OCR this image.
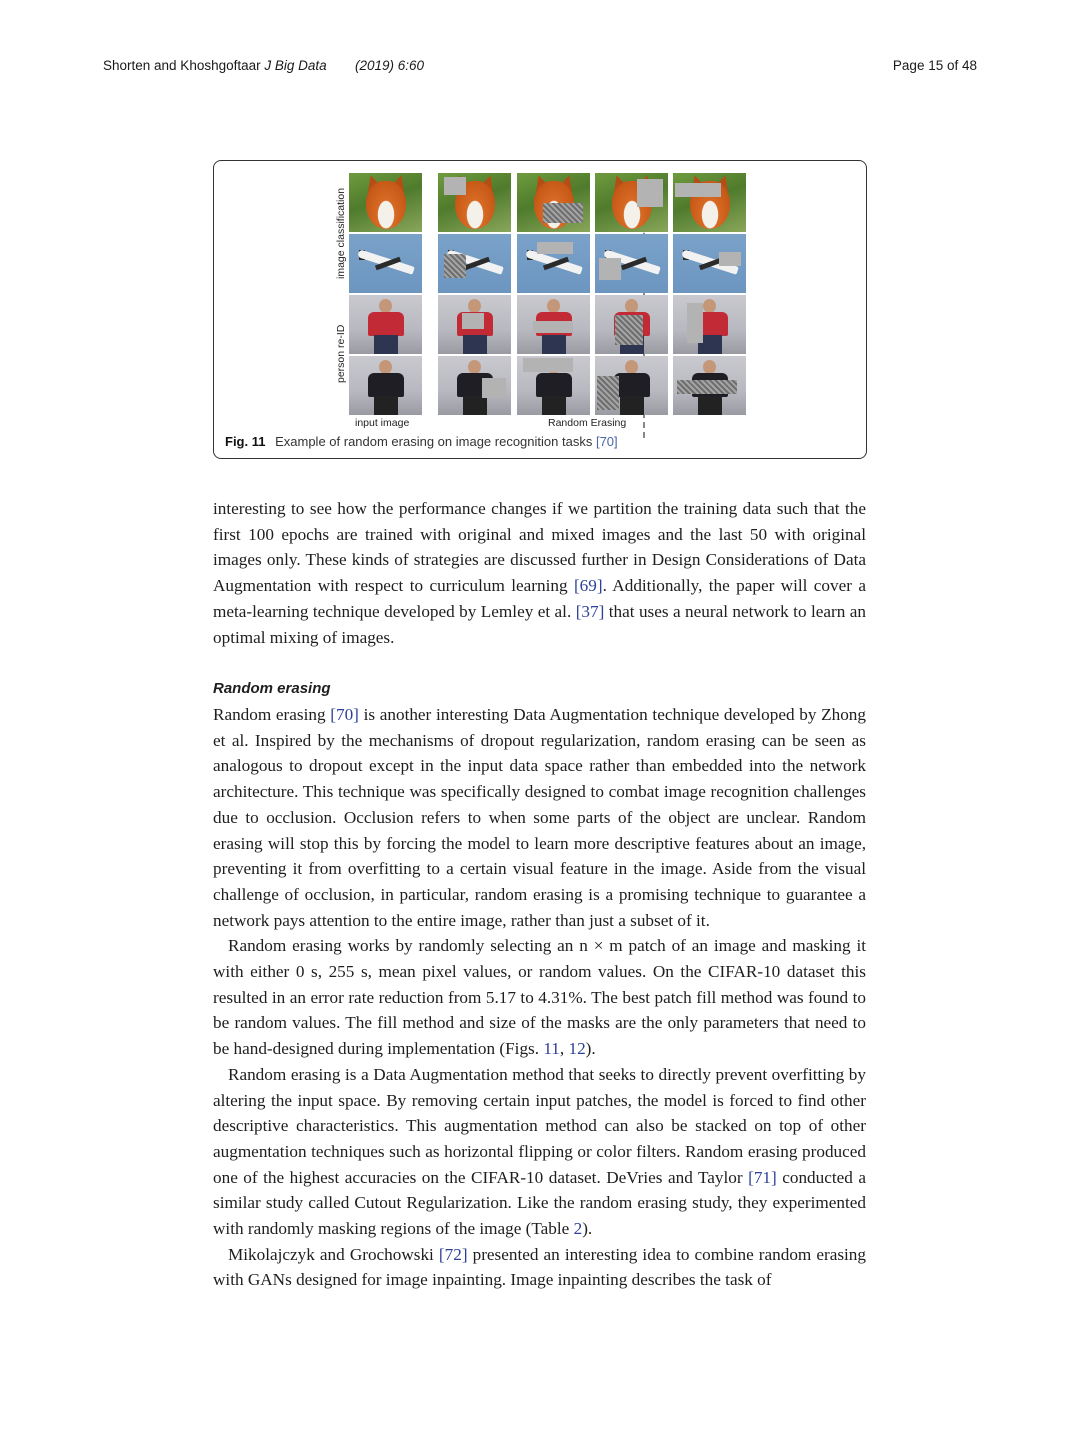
Shorten and Khoshgoftaar J Big Data (2019) 6:60	Page 15 of 48
image classification
person re-ID
input image	Random Erasing
Fig. 11 Example of random erasing on image recognition tasks [70]

interesting to see how the performance changes if we partition the training data such that the first 100 epochs are trained with original and mixed images and the last 50 with original images only. These kinds of strategies are discussed further in Design Considerations of Data Augmentation with respect to curriculum learning [69]. Additionally, the paper will cover a meta-learning technique developed by Lemley et al. [37] that uses a neural network to learn an optimal mixing of images.

Random erasing

Random erasing [70] is another interesting Data Augmentation technique developed by Zhong et al. Inspired by the mechanisms of dropout regularization, random erasing can be seen as analogous to dropout except in the input data space rather than embedded into the network architecture. This technique was specifically designed to combat image recognition challenges due to occlusion. Occlusion refers to when some parts of the object are unclear. Random erasing will stop this by forcing the model to learn more descriptive features about an image, preventing it from overfitting to a certain visual feature in the image. Aside from the visual challenge of occlusion, in particular, random erasing is a promising technique to guarantee a network pays attention to the entire image, rather than just a subset of it.

Random erasing works by randomly selecting an n × m patch of an image and masking it with either 0 s, 255 s, mean pixel values, or random values. On the CIFAR-10 dataset this resulted in an error rate reduction from 5.17 to 4.31%. The best patch fill method was found to be random values. The fill method and size of the masks are the only parameters that need to be hand-designed during implementation (Figs. 11, 12).

Random erasing is a Data Augmentation method that seeks to directly prevent overfitting by altering the input space. By removing certain input patches, the model is forced to find other descriptive characteristics. This augmentation method can also be stacked on top of other augmentation techniques such as horizontal flipping or color filters. Random erasing produced one of the highest accuracies on the CIFAR-10 dataset. DeVries and Taylor [71] conducted a similar study called Cutout Regularization. Like the random erasing study, they experimented with randomly masking regions of the image (Table 2).

Mikolajczyk and Grochowski [72] presented an interesting idea to combine random erasing with GANs designed for image inpainting. Image inpainting describes the task of
